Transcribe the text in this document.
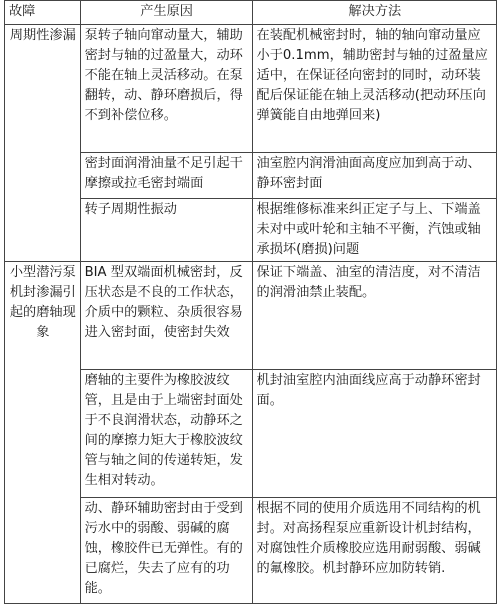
故障	产生原因	解决方法
周期性渗漏	泵转子轴向窜动量大，辅助密封与轴的过盈量大，动环不能在轴上灵活移动。在泵翻转，动、静环磨损后，得不到补偿位移。	在装配机械密封时，轴的轴向窜动量应小于0.1mm，辅助密封与轴的过盈量应适中，在保证径向密封的同时，动环装配后保证能在轴上灵活移动(把动环压向弹簧能自由地弹回来)
	密封面润滑油量不足引起干摩擦或拉毛密封端面	油室腔内润滑油面高度应加到高于动、静环密封面
	转子周期性振动	根据维修标准来纠正定子与上、下端盖未对中或叶轮和主轴不平衡，汽蚀或轴承损坏(磨损)问题
小型潜污泵机封渗漏引起的磨轴现象	BIA 型双端面机械密封，反压状态是不良的工作状态，介质中的颗粒、杂质很容易进入密封面，使密封失效	保证下端盖、油室的清洁度，对不清洁的润滑油禁止装配。
	磨轴的主要件为橡胶波纹管，且是由于上端密封面处于不良润滑状态，动静环之间的摩擦力矩大于橡胶波纹管与轴之间的传递转矩，发生相对转动。	机封油室腔内油面线应高于动静环密封面。
	动、静环辅助密封由于受到污水中的弱酸、弱碱的腐蚀，橡胶件已无弹性。有的已腐烂，失去了应有的功能。	根据不同的使用介质选用不同结构的机封。对高扬程泵应重新设计机封结构，对腐蚀性介质橡胶应选用耐弱酸、弱碱的氟橡胶。机封静环应加防转销.
